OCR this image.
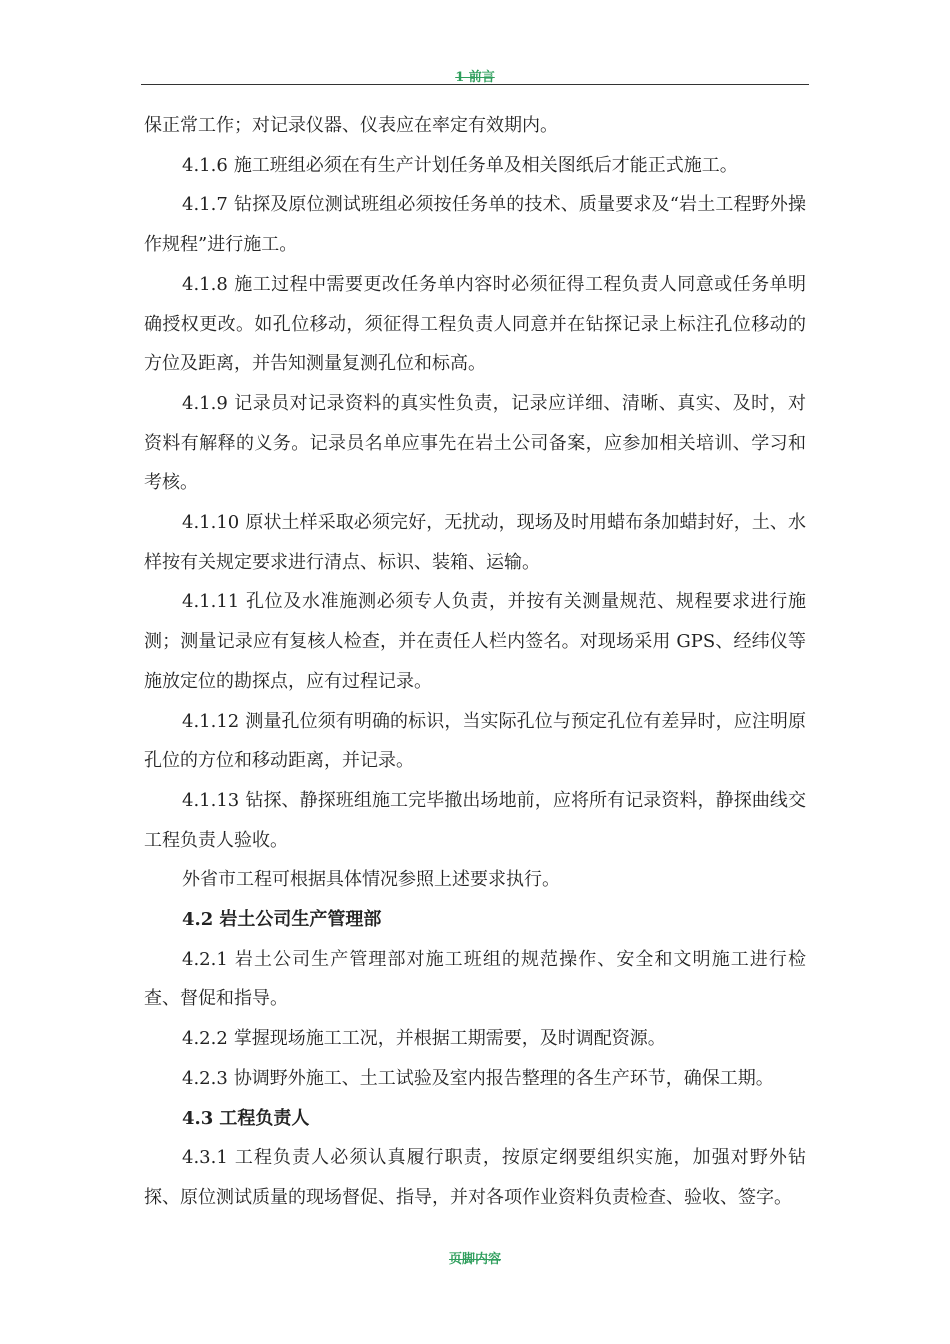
1 前言

保正常工作；对记录仪器、仪表应在率定有效期内。

4.1.6 施工班组必须在有生产计划任务单及相关图纸后才能正式施工。

4.1.7 钻探及原位测试班组必须按任务单的技术、质量要求及“岩土工程野外操作规程”进行施工。

4.1.8 施工过程中需要更改任务单内容时必须征得工程负责人同意或任务单明确授权更改。如孔位移动，须征得工程负责人同意并在钻探记录上标注孔位移动的方位及距离，并告知测量复测孔位和标高。

4.1.9 记录员对记录资料的真实性负责，记录应详细、清晰、真实、及时，对资料有解释的义务。记录员名单应事先在岩土公司备案，应参加相关培训、学习和考核。

4.1.10 原状土样采取必须完好，无扰动，现场及时用蜡布条加蜡封好，土、水样按有关规定要求进行清点、标识、装箱、运输。

4.1.11 孔位及水准施测必须专人负责，并按有关测量规范、规程要求进行施测；测量记录应有复核人检查，并在责任人栏内签名。对现场采用 GPS、经纬仪等施放定位的勘探点，应有过程记录。

4.1.12 测量孔位须有明确的标识，当实际孔位与预定孔位有差异时，应注明原孔位的方位和移动距离，并记录。

4.1.13 钻探、静探班组施工完毕撤出场地前，应将所有记录资料，静探曲线交工程负责人验收。

外省市工程可根据具体情况参照上述要求执行。

4.2 岩土公司生产管理部

4.2.1 岩土公司生产管理部对施工班组的规范操作、安全和文明施工进行检查、督促和指导。

4.2.2 掌握现场施工工况，并根据工期需要，及时调配资源。

4.2.3 协调野外施工、土工试验及室内报告整理的各生产环节，确保工期。

4.3 工程负责人

4.3.1 工程负责人必须认真履行职责，按原定纲要组织实施，加强对野外钻探、原位测试质量的现场督促、指导，并对各项作业资料负责检查、验收、签字。

页脚内容
